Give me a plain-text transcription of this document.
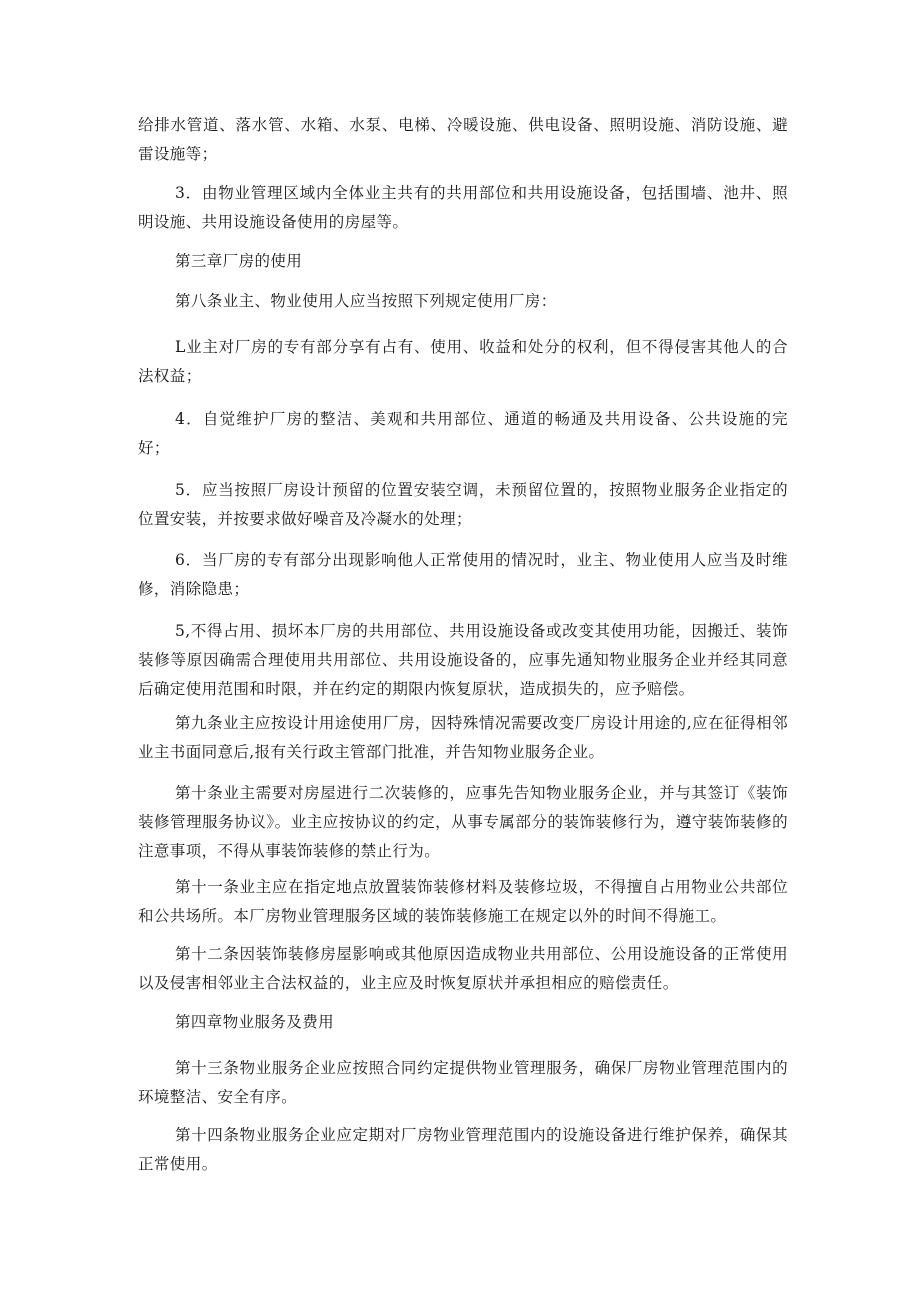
给排水管道、落水管、水箱、水泵、电梯、冷暖设施、供电设备、照明设施、消防设施、避雷设施等；

3．由物业管理区域内全体业主共有的共用部位和共用设施设备，包括围墙、池井、照明设施、共用设施设备使用的房屋等。

第三章厂房的使用

第八条业主、物业使用人应当按照下列规定使用厂房：

L业主对厂房的专有部分享有占有、使用、收益和处分的权利，但不得侵害其他人的合法权益；

4．自觉维护厂房的整洁、美观和共用部位、通道的畅通及共用设备、公共设施的完好；

5．应当按照厂房设计预留的位置安装空调，未预留位置的，按照物业服务企业指定的位置安装，并按要求做好噪音及冷凝水的处理；

6．当厂房的专有部分出现影响他人正常使用的情况时，业主、物业使用人应当及时维修，消除隐患；

5,不得占用、损坏本厂房的共用部位、共用设施设备或改变其使用功能，因搬迁、装饰装修等原因确需合理使用共用部位、共用设施设备的，应事先通知物业服务企业并经其同意后确定使用范围和时限，并在约定的期限内恢复原状，造成损失的，应予赔偿。

第九条业主应按设计用途使用厂房，因特殊情况需要改变厂房设计用途的,应在征得相邻业主书面同意后,报有关行政主管部门批准，并告知物业服务企业。

第十条业主需要对房屋进行二次装修的，应事先告知物业服务企业，并与其签订《装饰装修管理服务协议》。业主应按协议的约定，从事专属部分的装饰装修行为，遵守装饰装修的注意事项，不得从事装饰装修的禁止行为。

第十一条业主应在指定地点放置装饰装修材料及装修垃圾，不得擅自占用物业公共部位和公共场所。本厂房物业管理服务区域的装饰装修施工在规定以外的时间不得施工。

第十二条因装饰装修房屋影响或其他原因造成物业共用部位、公用设施设备的正常使用以及侵害相邻业主合法权益的，业主应及时恢复原状并承担相应的赔偿责任。

第四章物业服务及费用

第十三条物业服务企业应按照合同约定提供物业管理服务，确保厂房物业管理范围内的环境整洁、安全有序。

第十四条物业服务企业应定期对厂房物业管理范围内的设施设备进行维护保养，确保其正常使用。
